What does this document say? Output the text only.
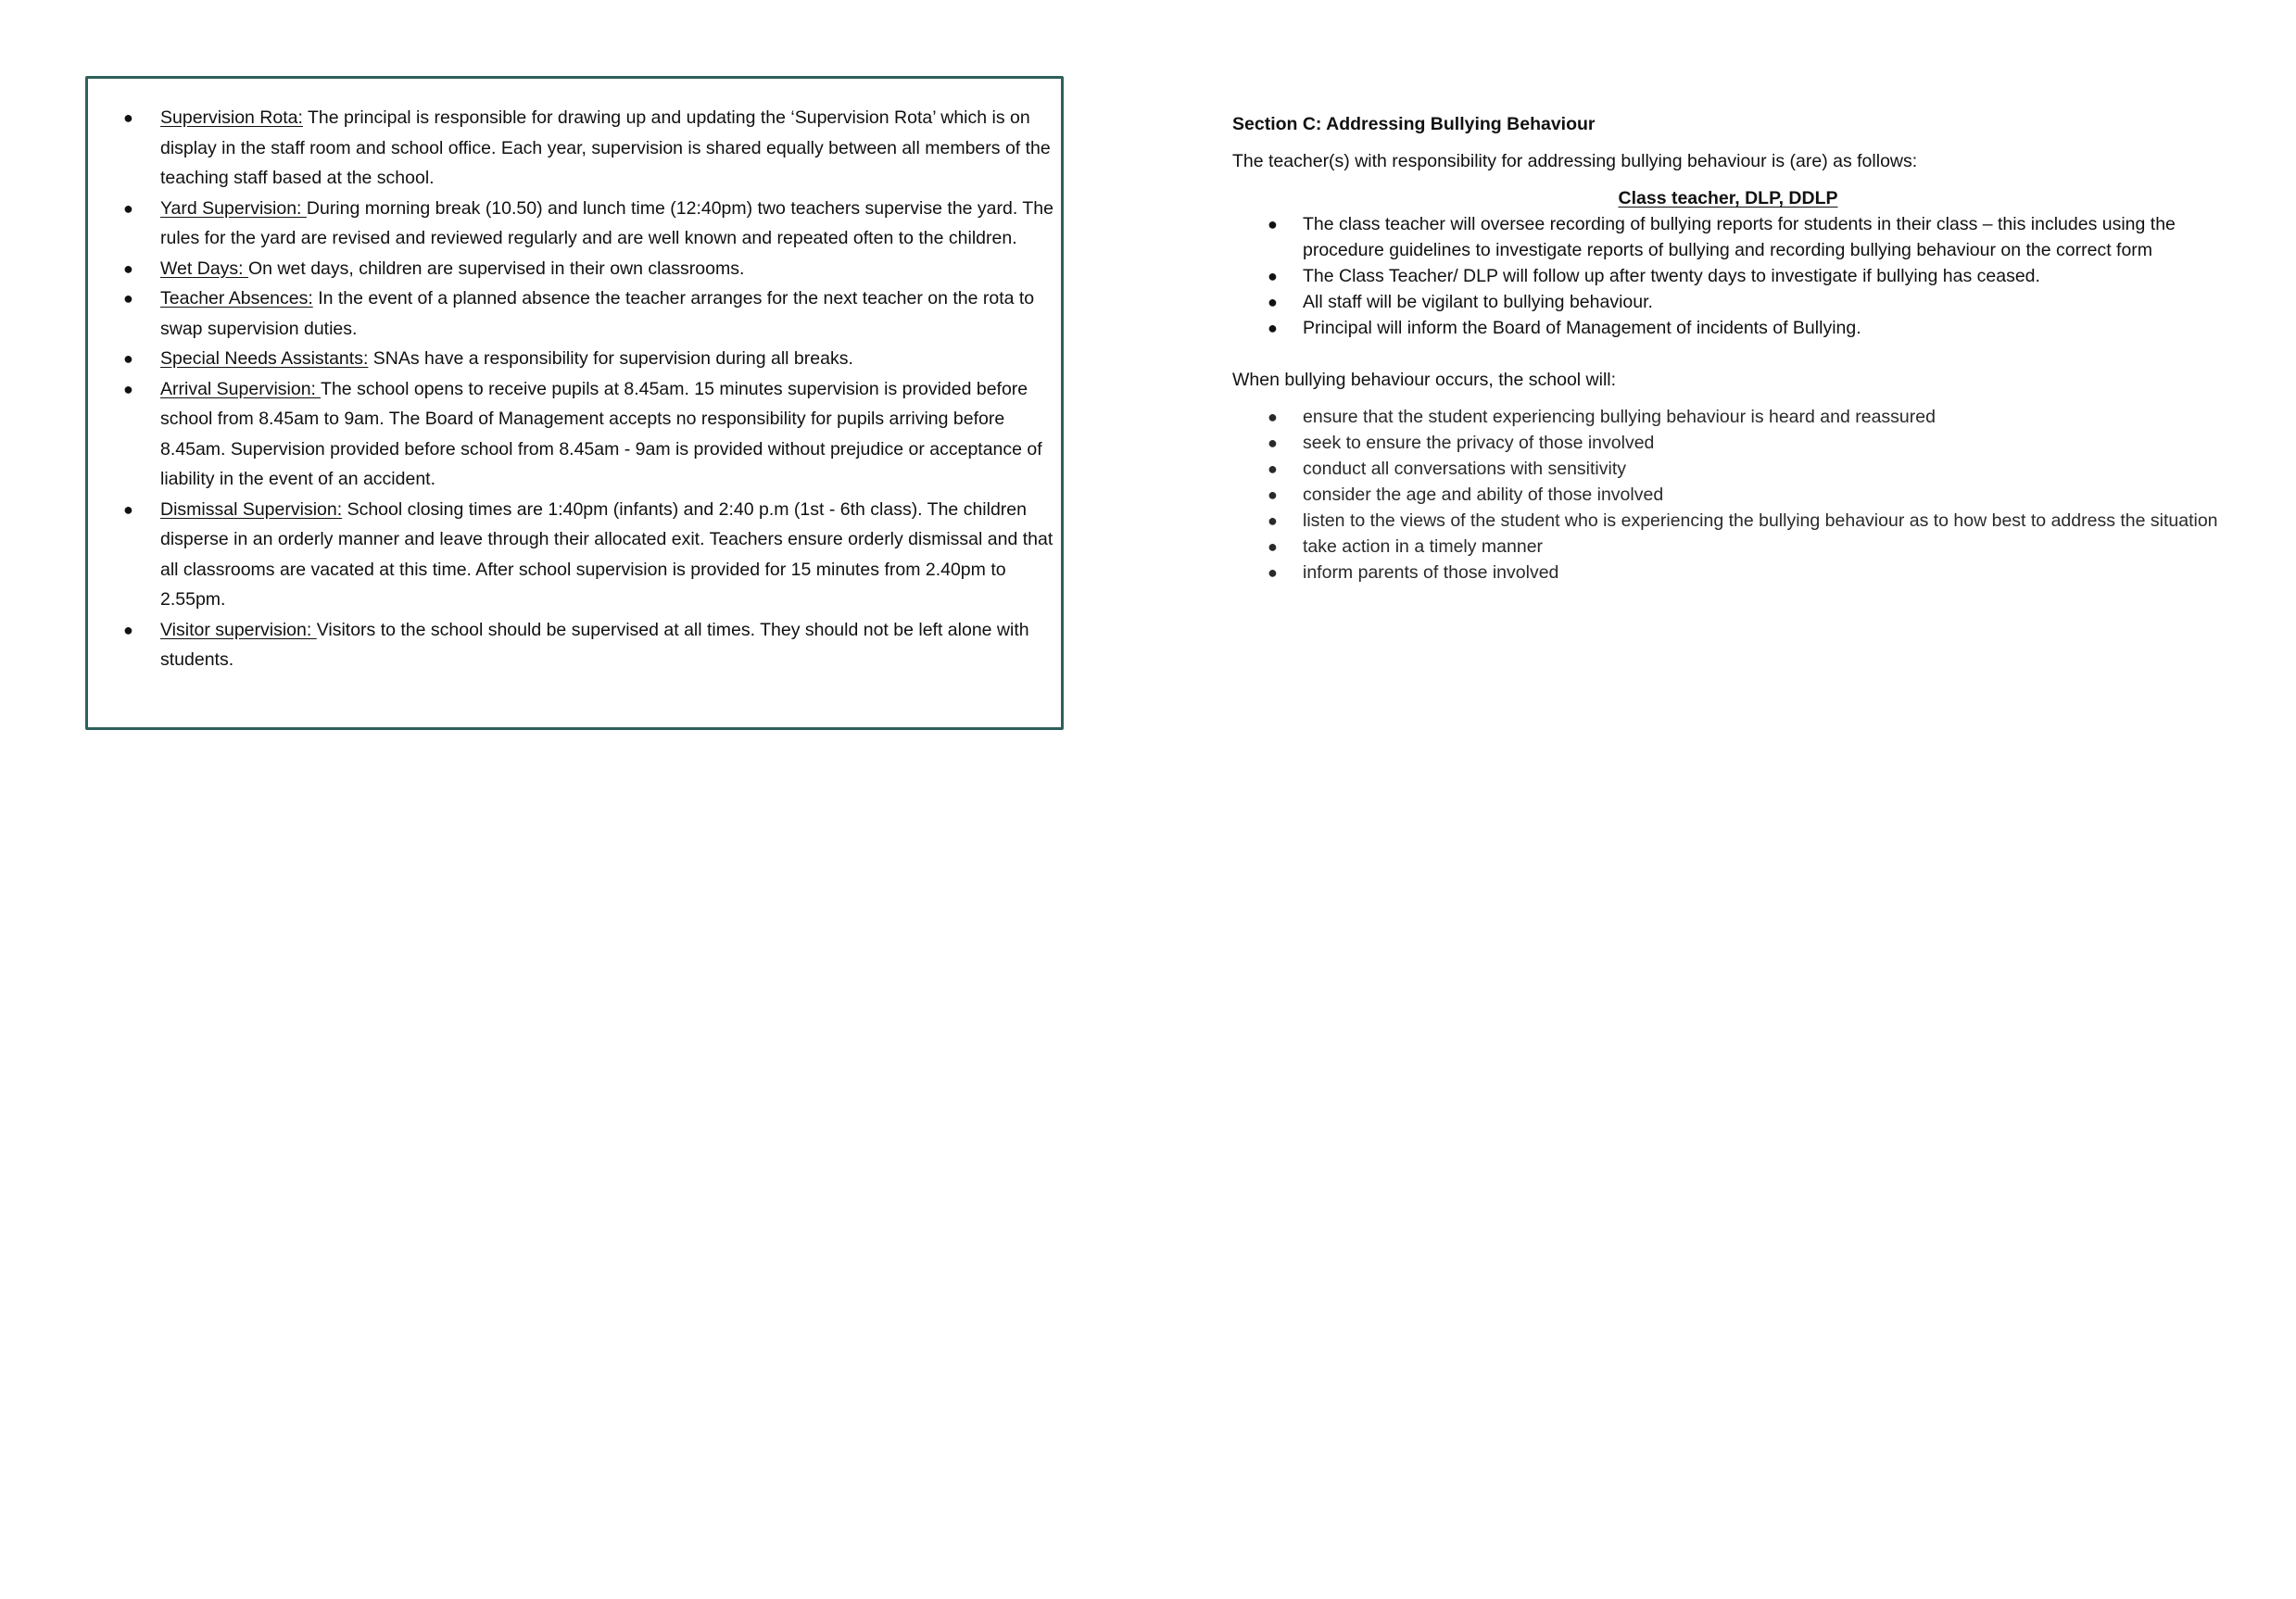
● Supervision Rota: The principal is responsible for drawing up and updating the ‘Supervision Rota’ which is on display in the staff room and school office. Each year, supervision is shared equally between all members of the teaching staff based at the school.
● Yard Supervision: During morning break (10.50) and lunch time (12:40pm) two teachers supervise the yard. The rules for the yard are revised and reviewed regularly and are well known and repeated often to the children.
● Wet Days: On wet days, children are supervised in their own classrooms.
● Teacher Absences: In the event of a planned absence the teacher arranges for the next teacher on the rota to swap supervision duties.
● Special Needs Assistants: SNAs have a responsibility for supervision during all breaks.
● Arrival Supervision: The school opens to receive pupils at 8.45am. 15 minutes supervision is provided before school from 8.45am to 9am. The Board of Management accepts no responsibility for pupils arriving before 8.45am. Supervision provided before school from 8.45am - 9am is provided without prejudice or acceptance of liability in the event of an accident.
● Dismissal Supervision: School closing times are 1:40pm (infants) and 2:40 p.m (1st - 6th class). The children disperse in an orderly manner and leave through their allocated exit. Teachers ensure orderly dismissal and that all classrooms are vacated at this time. After school supervision is provided for 15 minutes from 2.40pm to 2.55pm.
● Visitor supervision: Visitors to the school should be supervised at all times. They should not be left alone with students.

Section C: Addressing Bullying Behaviour

The teacher(s) with responsibility for addressing bullying behaviour is (are) as follows:

Class teacher, DLP, DDLP

● The class teacher will oversee recording of bullying reports for students in their class – this includes using the procedure guidelines to investigate reports of bullying and recording bullying behaviour on the correct form
● The Class Teacher/ DLP will follow up after twenty days to investigate if bullying has ceased.
● All staff will be vigilant to bullying behaviour.
● Principal will inform the Board of Management of incidents of Bullying.

When bullying behaviour occurs, the school will:

● ensure that the student experiencing bullying behaviour is heard and reassured
● seek to ensure the privacy of those involved
● conduct all conversations with sensitivity
● consider the age and ability of those involved
● listen to the views of the student who is experiencing the bullying behaviour as to how best to address the situation
● take action in a timely manner
● inform parents of those involved
